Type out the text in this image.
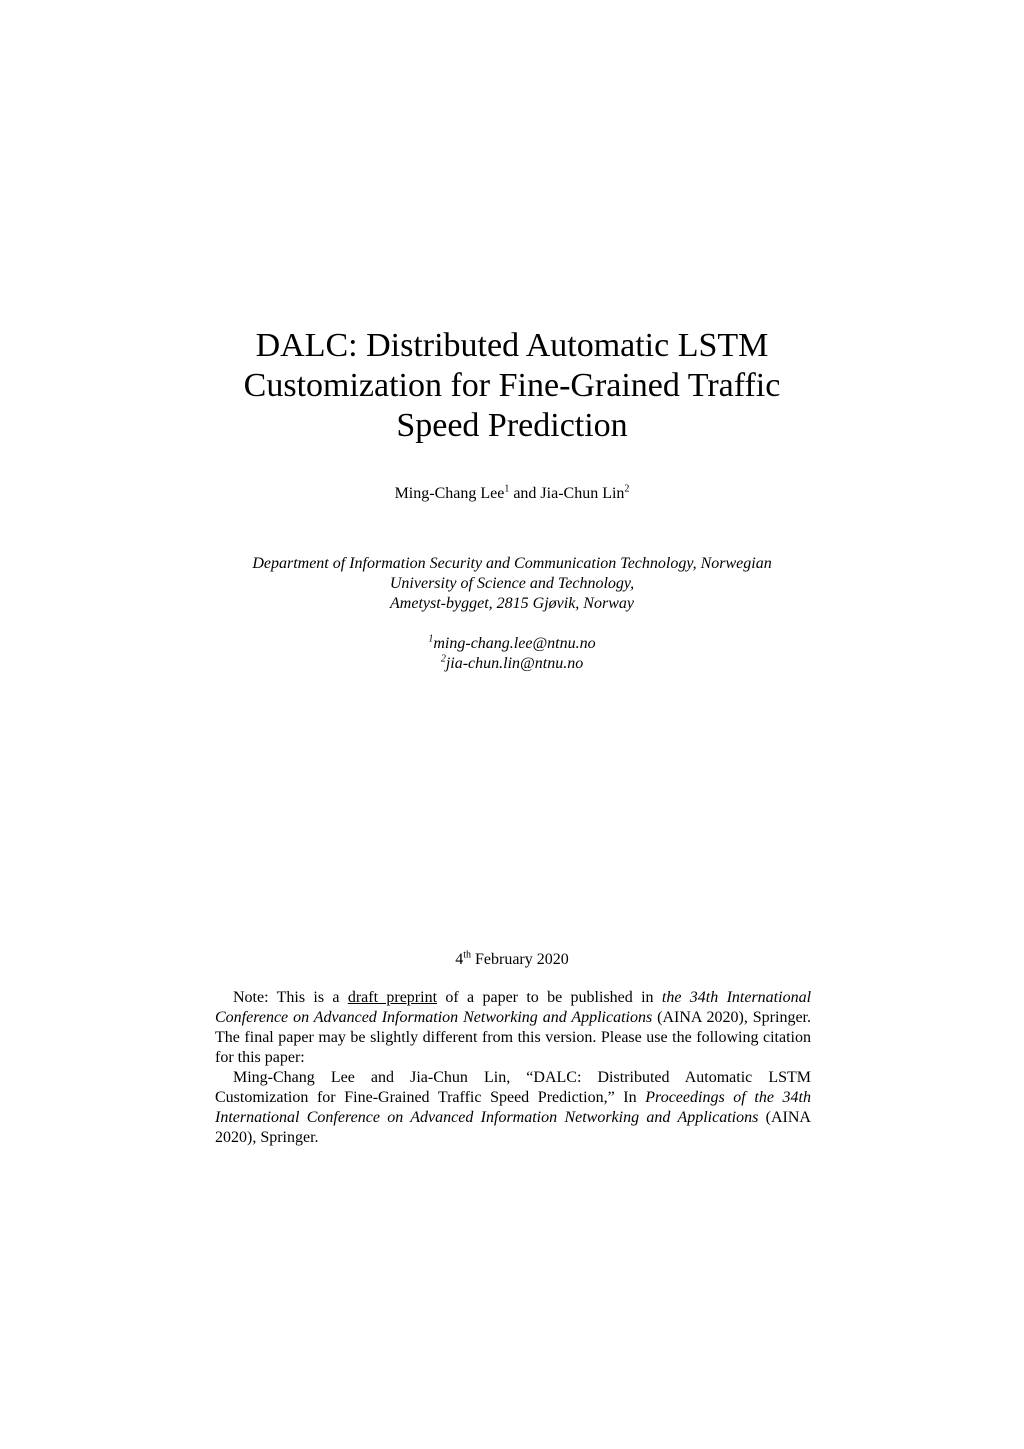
DALC: Distributed Automatic LSTM
Customization for Fine-Grained Traffic
Speed Prediction
Ming-Chang Lee$^1$ and Jia-Chun Lin$^2$
Department of Information Security and Communication Technology, Norwegian
University of Science and Technology,
Ametyst-bygget, 2815 Gjøvik, Norway
$^1$ming-chang.lee@ntnu.no
$^2$jia-chun.lin@ntnu.no
4th February 2020

Note: This is a draft preprint of a paper to be published in the 34th International Conference on Advanced Information Networking and Applications (AINA 2020), Springer. The final paper may be slightly different from this version. Please use the following citation for this paper:

Ming-Chang Lee and Jia-Chun Lin, “DALC: Distributed Automatic LSTM Customization for Fine-Grained Traffic Speed Prediction,” In Proceedings of the 34th International Conference on Advanced Information Networking and Applications (AINA 2020), Springer.
